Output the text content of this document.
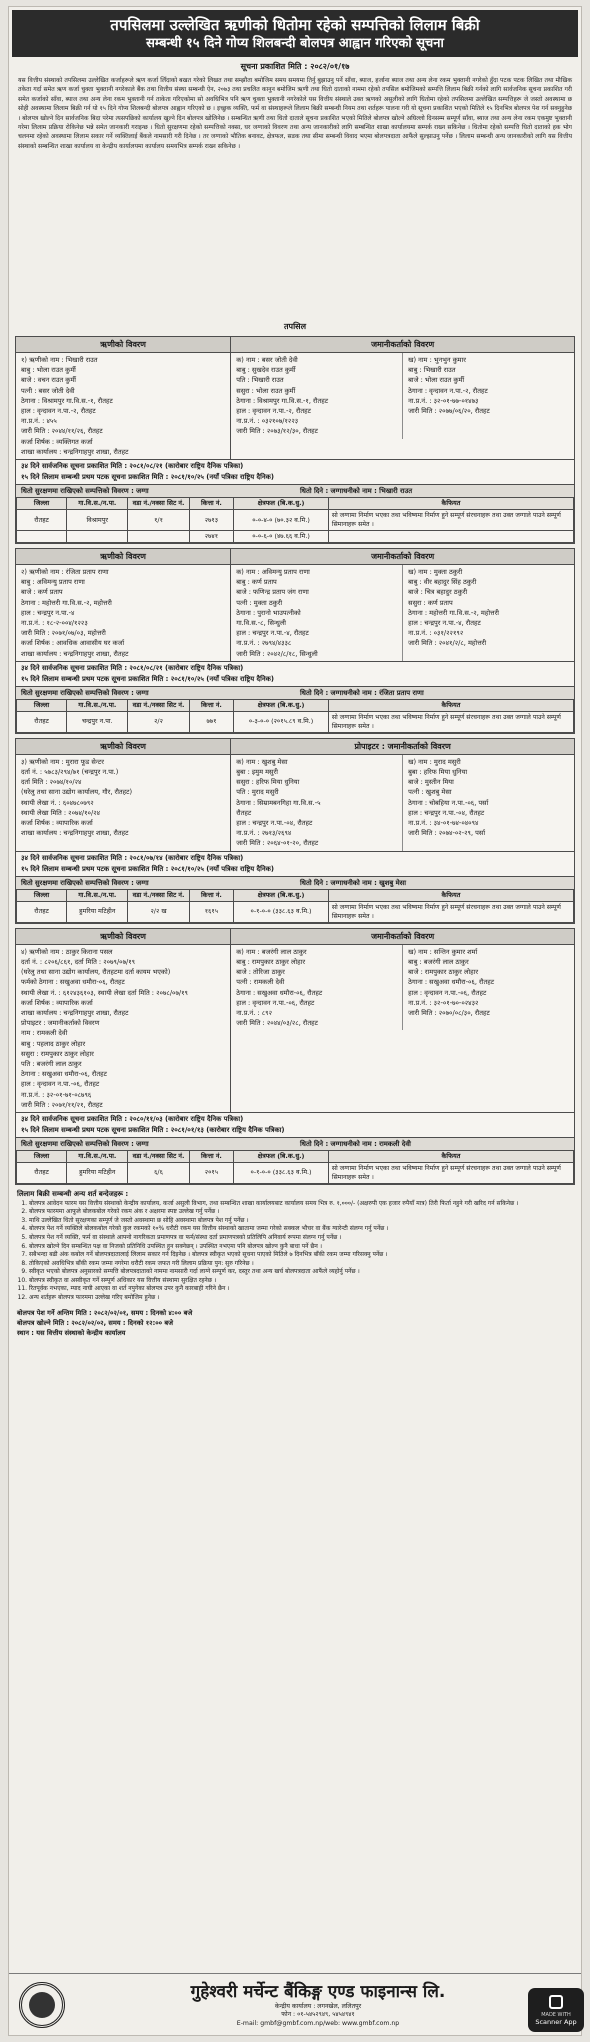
तपसिलमा उल्लेखित ऋणीको धितोमा रहेको सम्पत्तिको लिलाम बिक्री
सम्बन्धी १५ दिने गोप्य शिलबन्दी बोलपत्र आह्वान गरिएको सूचना
सूचना प्रकाशित मिति : २०८२/०१/१७
यस वित्तीय संस्थाको तपसिलमा उल्लेखित कर्जाहरूले ऋण कर्जा लिँदाको बखत गरेको लिखत तथा सम्झौता बमोजिम समय समयमा तिर्नु बुझाउनु पर्ने साँवा, ब्याज, हर्जाना ब्याज तथा अन्य लेना रकम भुक्तानी नगरेको हुँदा पटक पटक लिखित तथा मौखिक तकेता गर्दा समेत ऋण कर्जा चुक्ता भुक्तानी नगरेकाले बैंक तथा वित्तीय संस्था सम्बन्धी ऐन, २०७३ तथा प्रचलित कानुन बमोजिम ऋणी तथा धितो दाताको नाममा रहेको तपसिल बमोजिमको सम्पत्ति लिलाम बिक्री गर्नको लागि सार्वजनिक सूचना प्रकाशित गरी समेत कर्जाको साँवा, ब्याज तथा अन्य लेना रकम भुक्तानी गर्न ताकेता गरिएकोमा सो अवधिभित्र पनि ऋण चुक्ता भुक्तानी नगरेकोले यस वित्तीय संस्थाले उक्त ऋणको असुलीको लागि धितोमा रहेको तपसिलमा उल्लेखित सम्पत्तिहरू जे जस्तो अवस्थामा छ सोही अवस्थामा लिलाम बिक्री गर्न यो १५ दिने गोप्य शिलबन्दी बोलपत्र आह्वान गरिएको छ । इच्छुक व्यक्ति, फर्म वा संस्थाहरूले लिलाम बिक्री सम्बन्धी नियम तथा शर्तहरू पालना गरी यो सूचना प्रकाशित भएको मितिले १५ दिनभित्र बोलपत्र पेश गर्न सक्नुहुनेछ । बोलपत्र खोल्ने दिन सार्वजनिक बिदा परेमा त्यसपछिको कार्यालय खुल्ने दिन बोलपत्र खोलिनेछ । सम्बन्धित ऋणी तथा धितो दाताले सूचना प्रकाशित भएको मितिले बोलपत्र खोल्ने अघिल्लो दिनसम्म सम्पूर्ण साँवा, ब्याज तथा अन्य लेना रकम एकमुष्ट भुक्तानी गरेमा लिलाम प्रक्रिया रोकिनेछ भन्ने समेत जानकारी गराइन्छ । धितो सुरक्षणमा रहेको सम्पत्तिको नक्सा, घर जग्गाको विवरण तथा अन्य जानकारीको लागि सम्बन्धित शाखा कार्यालयमा सम्पर्क राख्न सकिनेछ । धितोमा रहेको सम्पत्ति धितो दाताको हक भोग चलनमा रहेको अवस्थामा लिलाम सकार गर्ने व्यक्तिलाई बैंकले नामसारी गरी दिनेछ । तर जग्गाको भौतिक बनावट, क्षेत्रफल, सडक तथा सीमा सम्बन्धी विवाद भएमा बोलपत्रदाता आफैंले सुल्झाउनु पर्नेछ । लिलाम सम्बन्धी अन्य जानकारीको लागि यस वित्तीय संस्थाको सम्बन्धित शाखा कार्यालय वा केन्द्रीय कार्यालयमा कार्यालय समयभित्र सम्पर्क राख्न सकिनेछ ।
तपसिल
ऋणीको विवरण
१) ऋणीको नाम : भिखारी राउत
बाबु : भोला राउत कुर्मी
बाजे : वचन राउत कुर्मी
पत्नी : बसर जोती देवी
ठेगाना : विश्रामपुर गा.वि.स.-१, रौतहट
हाल : वृन्दावन न.पा.-२, रौतहट
ना.प्र.नं. : ४५५
जारी मिति : २०४४/११/२६, रौतहट
कर्जा शिर्षक : व्यक्तिगत कर्जा
शाखा कार्यालय : चन्द्रनिगाहपुर शाखा, रौतहट
जमानीकर्ताको विवरण
क) नाम : बसर जोती देवी
बाबु : सुखदेव राउत कुर्मी
पति : भिखारी राउत
ससुरा : भोला राउत कुर्मी
ठेगाना : विश्रामपुर गा.वि.स.-१, रौतहट
हाल : वृन्दावन न.पा.-२, रौतहट
ना.प्र.नं. : ०३२१०७/१२२३
जारी मिति : २०७३/१२/३०, रौतहट
ख) नाम : भुनभुन कुमार
बाबु : भिखारी राउत
बाजे : भोला राउत कुर्मी
ठेगाना : वृन्दावन न.पा.-२, रौतहट
ना.प्र.नं. : ३२-०१-७७-०१४७३
जारी मिति : २०७७/०६/२०, रौतहट
३४ दिने सार्वजनिक सूचना प्रकाशित मिति : २०८१/०८/२१ (कारोबार राष्ट्रिय दैनिक पत्रिका)
१५ दिने लिलाम सम्बन्धी प्रथम पटक सूचना प्रकाशित मिति : २०८१/१०/२५ (नयाँ पत्रिका राष्ट्रिय दैनिक)
धितो सुरक्षणमा राखिएको सम्पत्तिको विवरण : जग्गा	धितो दिने : जग्गाधनीको नाम : भिखारी राउत
जिल्ला	गा.वि.स./न.पा.	वडा नं./नक्सा सिट नं.	कित्ता नं.	क्षेत्रफल (बि.क.धु.)	कैफियत
रौतहट	विश्रामपुर	१/१	२७१३	०-०-४-० (७०.३२ व.मि.)	सो जग्गामा निर्माण भएका तथा भविष्यमा निर्माण हुने सम्पूर्ण संरचनाहरू तथा उक्त जग्गाले पाउने सम्पूर्ण सिमानाहरू समेत ।
			२७४१	०-०-६-० (४७.६६ व.मि.)	
ऋणीको विवरण
२) ऋणीको नाम : रंजिता प्रताप राणा
बाबु : अविमन्यु प्रताप राणा
बाजे : कर्ण प्रताप
ठेगाना : महोत्तरी गा.वि.स.-२, महोत्तरी
हाल : चन्द्रपुर न.पा.-४
ना.प्र.नं. : १८-२-००४/१२२३
जारी मिति : २०७१/०७/०३, महोत्तरी
कर्जा शिर्षक : आवधिक आवासीय घर कर्जा
शाखा कार्यालय : चन्द्रनिगाहपुर शाखा, रौतहट
जमानीकर्ताको विवरण
क) नाम : अविमन्यु प्रताप राणा
बाबु : कर्ण प्रताप
बाजे : फणिन्द्र प्रताप जंग राणा
पत्नी : मुक्ता ठकुरी
ठेगाना : पुरानो भाउपत्नीको
गा.वि.स.-८, सिन्धुली
हाल : चन्द्रपुर न.पा.-४, रौतहट
ना.प्र.नं. : २७९४/४३३८
जारी मिति : २०४२/८/१८, सिन्धुली
ख) नाम : मुक्ता ठकुरी
बाबु : वीर बहादुर सिंह ठकुरी
बाजे : चित्र बहादुर ठकुरी
ससुरा : कर्ण प्रताप
ठेगाना : महोत्तरी गा.वि.स.-२, महोत्तरी
हाल : चन्द्रपुर न.पा.-४, रौतहट
ना.प्र.नं. : ०३१/२२१९२
जारी मिति : २०४१/२/८, महोत्तरी
३४ दिने सार्वजनिक सूचना प्रकाशित मिति : २०८१/०८/२१ (कारोबार राष्ट्रिय दैनिक पत्रिका)
१५ दिने लिलाम सम्बन्धी प्रथम पटक सूचना प्रकाशित मिति : २०८१/१०/२५ (नयाँ पत्रिका राष्ट्रिय दैनिक)
धितो सुरक्षणमा राखिएको सम्पत्तिको विवरण : जग्गा	धितो दिने : जग्गाधनीको नाम : रंजिता प्रताप राणा
जिल्ला	गा.वि.स./न.पा.	वडा नं./नक्सा सिट नं.	कित्ता नं.	क्षेत्रफल (बि.क.धु.)	कैफियत
रौतहट	चन्द्रपुर न.पा.	२/२	७७१	०-३-०-० (२०१५.८९ व.मि.)	सो जग्गामा निर्माण भएका तथा भविष्यमा निर्माण हुने सम्पूर्ण संरचनाहरू तथा उक्त जग्गाले पाउने सम्पूर्ण सिमानाहरू समेत ।
ऋणीको विवरण
३) ऋणीको नाम : मुरारा फूड सेन्टर
दर्ता नं. : ५७८३/२९४/७१ (चन्द्रपुर न.पा.)
दर्ता मिति : २०७४/१०/२४
(घरेलु तथा साना उद्योग कार्यालय, गौर, रौतहट)
स्थायी लेखा नं. : ६०४७८०७९२
स्थायी लेखा मिति : २०७४/१०/२४
कर्जा शिर्षक : व्यापारिक कर्जा
शाखा कार्यालय : चन्द्रनिगाहपुर शाखा, रौतहट
प्रोपाइटर : जमानीकर्ताको विवरण
क) नाम : खुशबु मेसा
बुबा : इमुम मसुरी
ससुरा : हरिफ मिया धुनिया
पति : मुराद मसुरी
ठेगाना : सिम्रामबनगिहा गा.वि.स.-५
रौतहट
हाल : चन्द्रपुर न.पा.-०४, रौतहट
ना.प्र.नं. : २७१३/२६९४
जारी मिति : २०६४-०१-२०, रौतहट
ख) नाम : मुराद मसुरी
बुबा : हरिफ मिया धुनिया
बाजे : मुस्तीन मिया
पत्नी : खुशबु मेसा
ठेगाना : चोबहिया न.पा.-०६, पर्सा
हाल : चन्द्रपुर न.पा.-०४, रौतहट
ना.प्र.नं. : ३४-०१-७४-०४०९४
जारी मिति : २०७४-०२-२९, पर्सा
३४ दिने सार्वजनिक सूचना प्रकाशित मिति : २०८१/०७/१४ (कारोबार राष्ट्रिय दैनिक पत्रिका)
१५ दिने लिलाम सम्बन्धी प्रथम पटक सूचना प्रकाशित मिति : २०८१/१०/२५ (नयाँ पत्रिका राष्ट्रिय दैनिक)
धितो सुरक्षणमा राखिएको सम्पत्तिको विवरण : जग्गा	धितो दिने : जग्गाधनीको नाम : खुशबु मेसा
जिल्ला	गा.वि.स./न.पा.	वडा नं./नक्सा सिट नं.	कित्ता नं.	क्षेत्रफल (बि.क.धु.)	कैफियत
रौतहट	हुमरिया मटिहीन	२/२ ख	१६१५	०-१-०-० (३३८.६३ व.मि.)	सो जग्गामा निर्माण भएका तथा भविष्यमा निर्माण हुने सम्पूर्ण संरचनाहरू तथा उक्त जग्गाले पाउने सम्पूर्ण सिमानाहरू समेत ।
ऋणीको विवरण
४) ऋणीको नाम : ठाकुर किराना पसल
दर्ता नं. : ८२०६/८६१, दर्ता मिति : २०७९/०७/१९
(घरेलु तथा साना उद्योग कार्यालय, रौतहटमा दर्ता कायम भएको)
फर्मको ठेगाना : सखुअवा धमौरा-०६, रौतहट
स्थायी लेखा नं. : ६१२४३६१०३, स्थायी लेखा दर्ता मिति : २०७८/०७/१९
कर्जा शिर्षक : व्यापारिक कर्जा
शाखा कार्यालय : चन्द्रनिगाहपुर शाखा, रौतहट
प्रोपाइटर : जमानीकर्ताको विवरण
नाम : रामकली देवी
बाबु : पहलाद ठाकुर लोहार
ससुरा : रामपुकार ठाकुर लोहार
पति : बजरंगी लाल ठाकुर
ठेगाना : सखुअवा धमौरा-०६, रौतहट
हाल : वृन्दावन न.पा.-०६, रौतहट
ना.प्र.नं. : ३२-०१-७१-०८७९६
जारी मिति : २०७१/११/२१, रौतहट
जमानीकर्ताको विवरण
क) नाम : बजरंगी लाल ठाकुर
बाबु : रामपुकार ठाकुर लोहार
बाजे : तोरिजा ठाकुर
पत्नी : रामकली देवी
ठेगाना : सखुअवा धमौरा-०६, रौतहट
हाल : वृन्दावन न.पा.-०६, रौतहट
ना.प्र.नं. : ८९२
जारी मिति : २०४४/०३/२८, रौतहट
ख) नाम : सन्तिन कुमार शर्मा
बाबु : बजरंगी लाल ठाकुर
बाजे : रामपुकार ठाकुर लोहार
ठेगाना : सखुअवा धमौरा-०६, रौतहट
हाल : वृन्दावन न.पा.-०६, रौतहट
ना.प्र.नं. : ३२-०१-७०-०२४३२
जारी मिति : २०७०/०८/३०, रौतहट
३४ दिने सार्वजनिक सूचना प्रकाशित मिति : २०८०/११/०३ (कारोबार राष्ट्रिय दैनिक पत्रिका)
१५ दिने लिलाम सम्बन्धी प्रथम पटक सूचना प्रकाशित मिति : २०८१/०१/१३ (कारोबार राष्ट्रिय दैनिक पत्रिका)
धितो सुरक्षणमा राखिएको सम्पत्तिको विवरण : जग्गा	धितो दिने : जग्गाधनीको नाम : रामकली देवी
जिल्ला	गा.वि.स./न.पा.	वडा नं./नक्सा सिट नं.	कित्ता नं.	क्षेत्रफल (बि.क.धु.)	कैफियत
रौतहट	हुमरिया मटिहीन	६/६	२०१५	०-१-०-० (३३८.६३ व.मि.)	सो जग्गामा निर्माण भएका तथा भविष्यमा निर्माण हुने सम्पूर्ण संरचनाहरू तथा उक्त जग्गाले पाउने सम्पूर्ण सिमानाहरू समेत ।
लिलाम बिक्री सम्बन्धी अन्य शर्त बन्देजहरू :
1. बोलपत्र आवेदन फारम यस वित्तीय संस्थाको केन्द्रीय कार्यालय, कर्जा असुली विभाग, तथा सम्बन्धित शाखा कार्यालयबाट कार्यालय समय भित्र रु. १,०००/- (अक्षरुपी एक हजार रुपैयाँ मात्र) तिरी फिर्ता नहुने गरी खरिद गर्न सकिनेछ ।
2. बोलपत्र फारममा आफूले बोलकबोल गरेको रकम अंक र अक्षरमा स्पष्ट उल्लेख गर्नु पर्नेछ ।
3. माथि उल्लेखित धितो सुरक्षणका सम्पूर्ण जे जस्तो अवस्थामा छ सोहि अवस्थामा बोलपत्र पेश गर्नु पर्नेछ ।
4. बोलपत्र पेश गर्ने व्यक्तिले बोलकबोल गरेको कुल रकमको १०% धरौटी रकम यस वित्तीय संस्थाको खातामा जम्मा गरेको सक्कल भौचर वा बैंक ग्यारेन्टी संलग्न गर्नु पर्नेछ ।
5. बोलपत्र पेश गर्ने व्यक्ति, फर्म वा संस्थाले आफ्नो नागरिकता प्रमाणपत्र वा फर्म/संस्था दर्ता प्रमाणपत्रको प्रतिलिपि अनिवार्य रूपमा संलग्न गर्नु पर्नेछ ।
6. बोलपत्र खोल्ने दिन सम्बन्धित पक्ष वा निजको प्रतिनिधि उपस्थित हुन सक्नेछन् । उपस्थित नभएमा पनि बोलपत्र खोल्न कुनै बाधा पर्ने छैन ।
7. सबैभन्दा बढी अंक कबोल गर्ने बोलपत्रदातालाई लिलाम सकार गर्न दिइनेछ । बोलपत्र स्वीकृत भएको सूचना पाएको मितिले ७ दिनभित्र बाँकी रकम जम्मा गरिसक्नु पर्नेछ ।
8. तोकिएको अवधिभित्र बाँकी रकम जम्मा नगरेमा धरौटी रकम जफत गरी लिलाम प्रक्रिया पुन: सुरु गरिनेछ ।
9. स्वीकृत भएको बोलपत्र अनुसारको सम्पत्ति बोलपत्रदाताको नाममा नामसारी गर्दा लाग्ने सम्पूर्ण कर, दस्तुर तथा अन्य खर्च बोलपत्रदाता आफैंले व्यहोर्नु पर्नेछ ।
10. बोलपत्र स्वीकृत वा अस्वीकृत गर्ने सम्पूर्ण अधिकार यस वित्तीय संस्थामा सुरक्षित रहनेछ ।
11. रितपूर्वक नभएका, म्याद नाघी आएका वा शर्त नपुगेका बोलपत्र उपर कुनै कारबाही गरिने छैन ।
12. अन्य शर्तहरू बोलपत्र फारममा उल्लेख गरिए बमोजिम हुनेछ ।
बोलपत्र पेश गर्ने अन्तिम मिति : २०८२/०२/०१, समय : दिनको ४:०० बजे
बोलपत्र खोल्ने मिति : २०८२/०२/०२, समय : दिनको १२:०० बजे
स्थान : यस वित्तीय संस्थाको केन्द्रीय कार्यालय
गुहेश्वरी मर्चेन्ट बैंकिङ्ग एण्ड फाइनान्स लि.
केन्द्रीय कार्यालय : लगनखेल, ललितपुर
फोन : ०१-५४५२९४९, ५४५४९४१
E-mail: gmbf@gmbf.com.np/web: www.gmbf.com.np
MADE WITH
Scanner App
